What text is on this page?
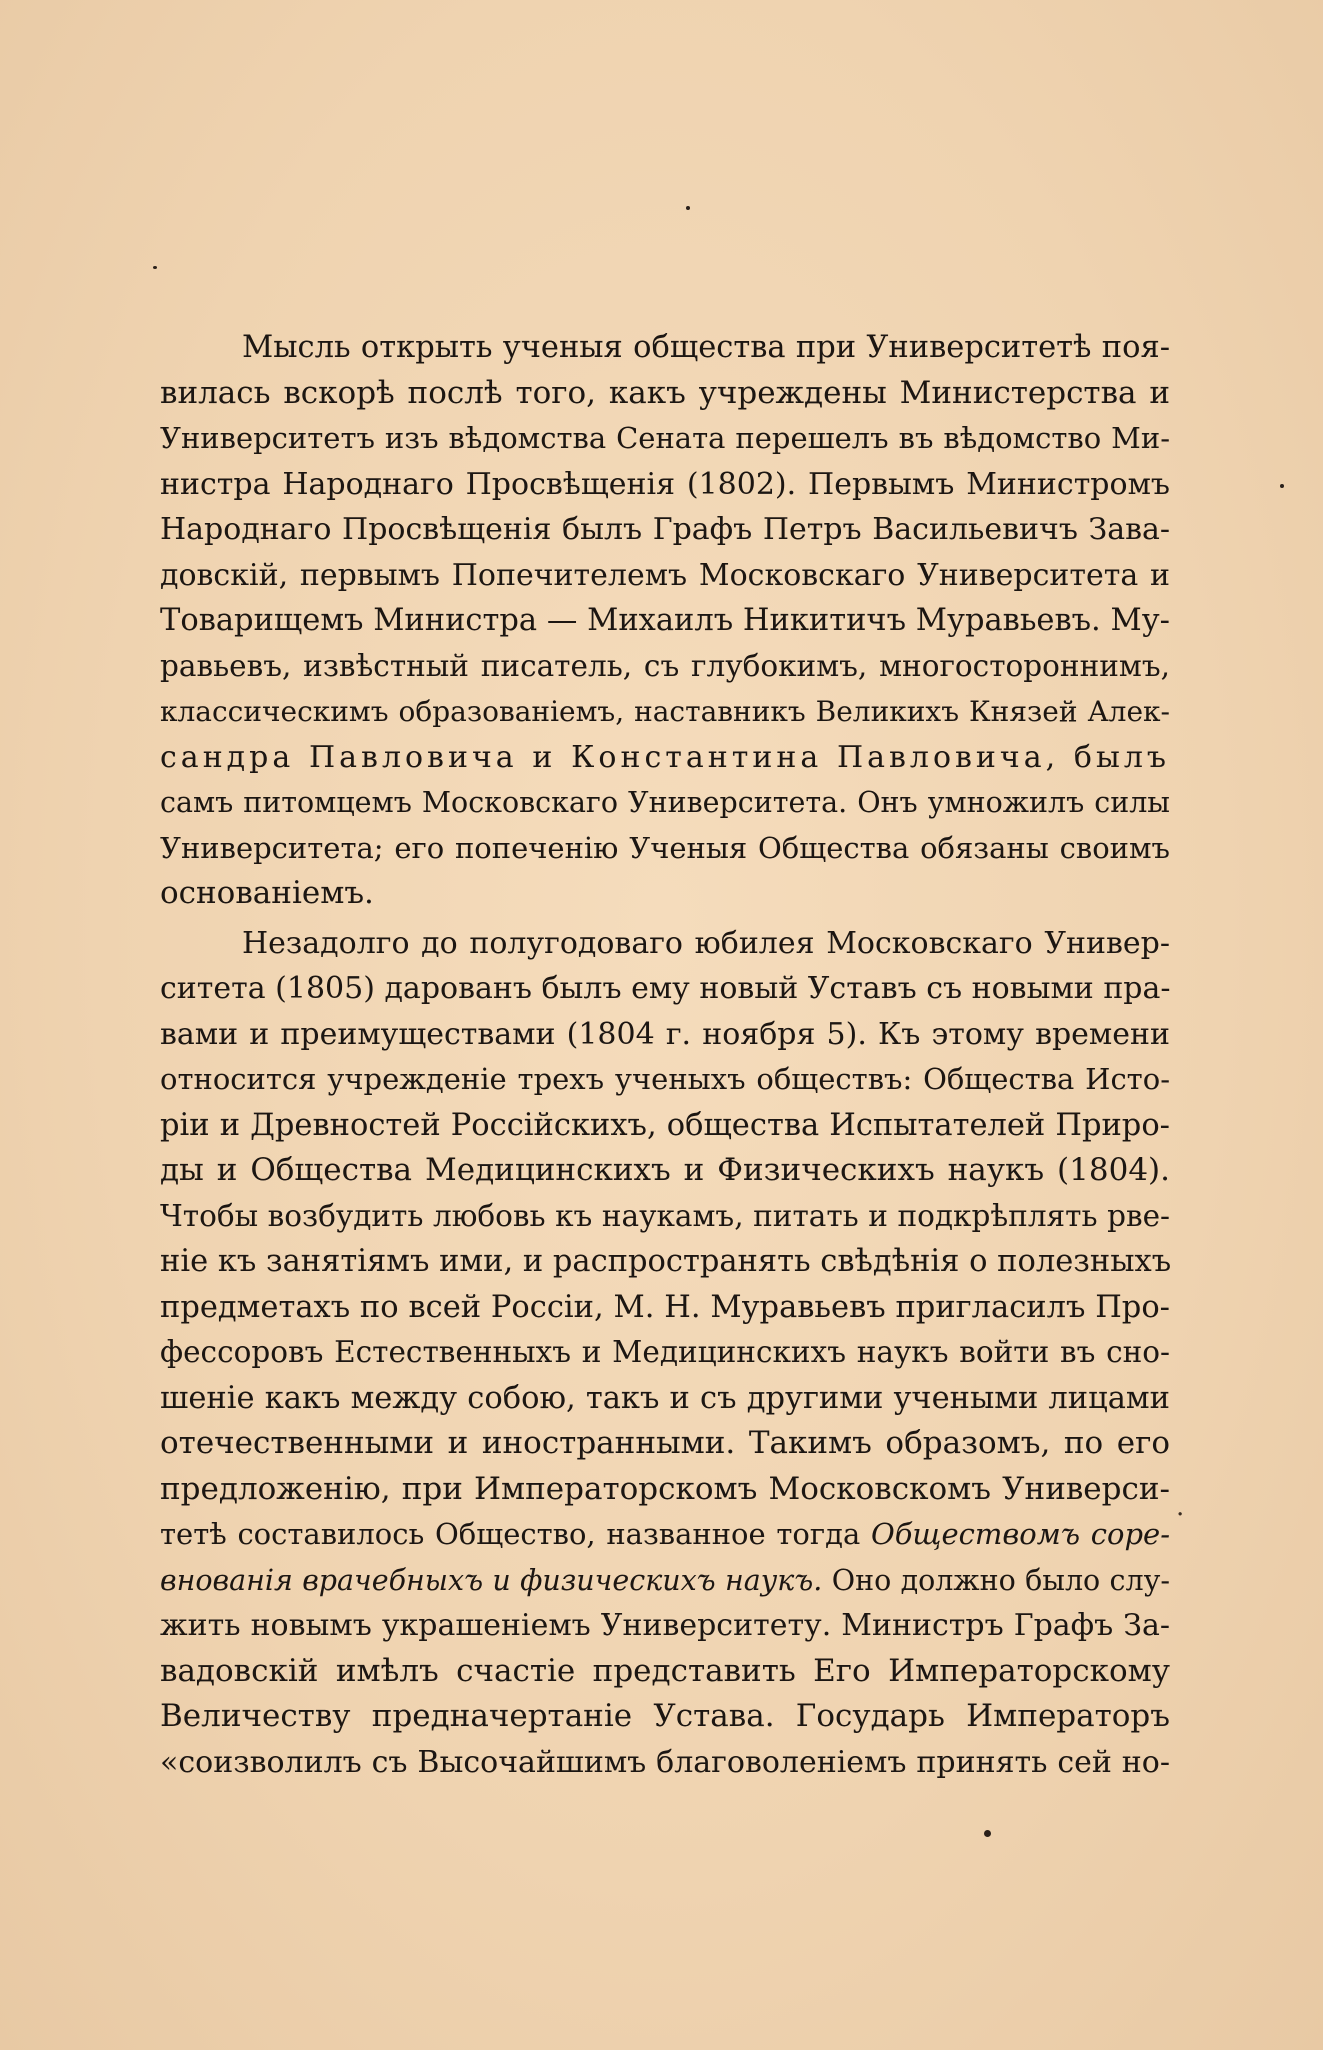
.
Мысль открыть ученыя общества при Университетѣ поя-
вилась вскорѣ послѣ того, какъ учреждены Министерства и
Университетъ изъ вѣдомства Сената перешелъ въ вѣдомство Ми-
нистра Народнаго Просвѣщенія (1802). Первымъ Министромъ
Народнаго Просвѣщенія былъ Графъ Петръ Васильевичъ Зава-
довскій, первымъ Попечителемъ Московскаго Университета и
Товарищемъ Министра — Михаилъ Никитичъ Муравьевъ. Му-
равьевъ, извѣстный писатель, съ глубокимъ, многостороннимъ,
классическимъ образованіемъ, наставникъ Великихъ Князей Алек-
сандра Павловича и Константина Павловича, былъ
самъ питомцемъ Московскаго Университета. Онъ умножилъ силы
Университета; его попеченію Ученыя Общества обязаны своимъ
основаніемъ.
Незадолго до полугодоваго юбилея Московскаго Универ-
ситета (1805) дарованъ былъ ему новый Уставъ съ новыми пра-
вами и преимуществами (1804 г. ноября 5). Къ этому времени
относится учрежденіе трехъ ученыхъ обществъ: Общества Исто-
ріи и Древностей Россійскихъ, общества Испытателей Приро-
ды и Общества Медицинскихъ и Физическихъ наукъ (1804).
Чтобы возбудить любовь къ наукамъ, питать и подкрѣплять рве-
ніе къ занятіямъ ими, и распространять свѣдѣнія о полезныхъ
предметахъ по всей Россіи, М. Н. Муравьевъ пригласилъ Про-
фессоровъ Естественныхъ и Медицинскихъ наукъ войти въ сно-
шеніе какъ между собою, такъ и съ другими учеными лицами
отечественными и иностранными. Такимъ образомъ, по его
предложенію, при Императорскомъ Московскомъ Универси-
тетѣ составилось Общество, названное тогда Обществомъ соре-
внованія врачебныхъ и физическихъ наукъ. Оно должно было слу-
жить новымъ украшеніемъ Университету. Министръ Графъ За-
вадовскій имѣлъ счастіе представить Его Императорскому
Величеству предначертаніе Устава. Государь Императоръ
«соизволилъ съ Высочайшимъ благоволеніемъ принять сей но-
